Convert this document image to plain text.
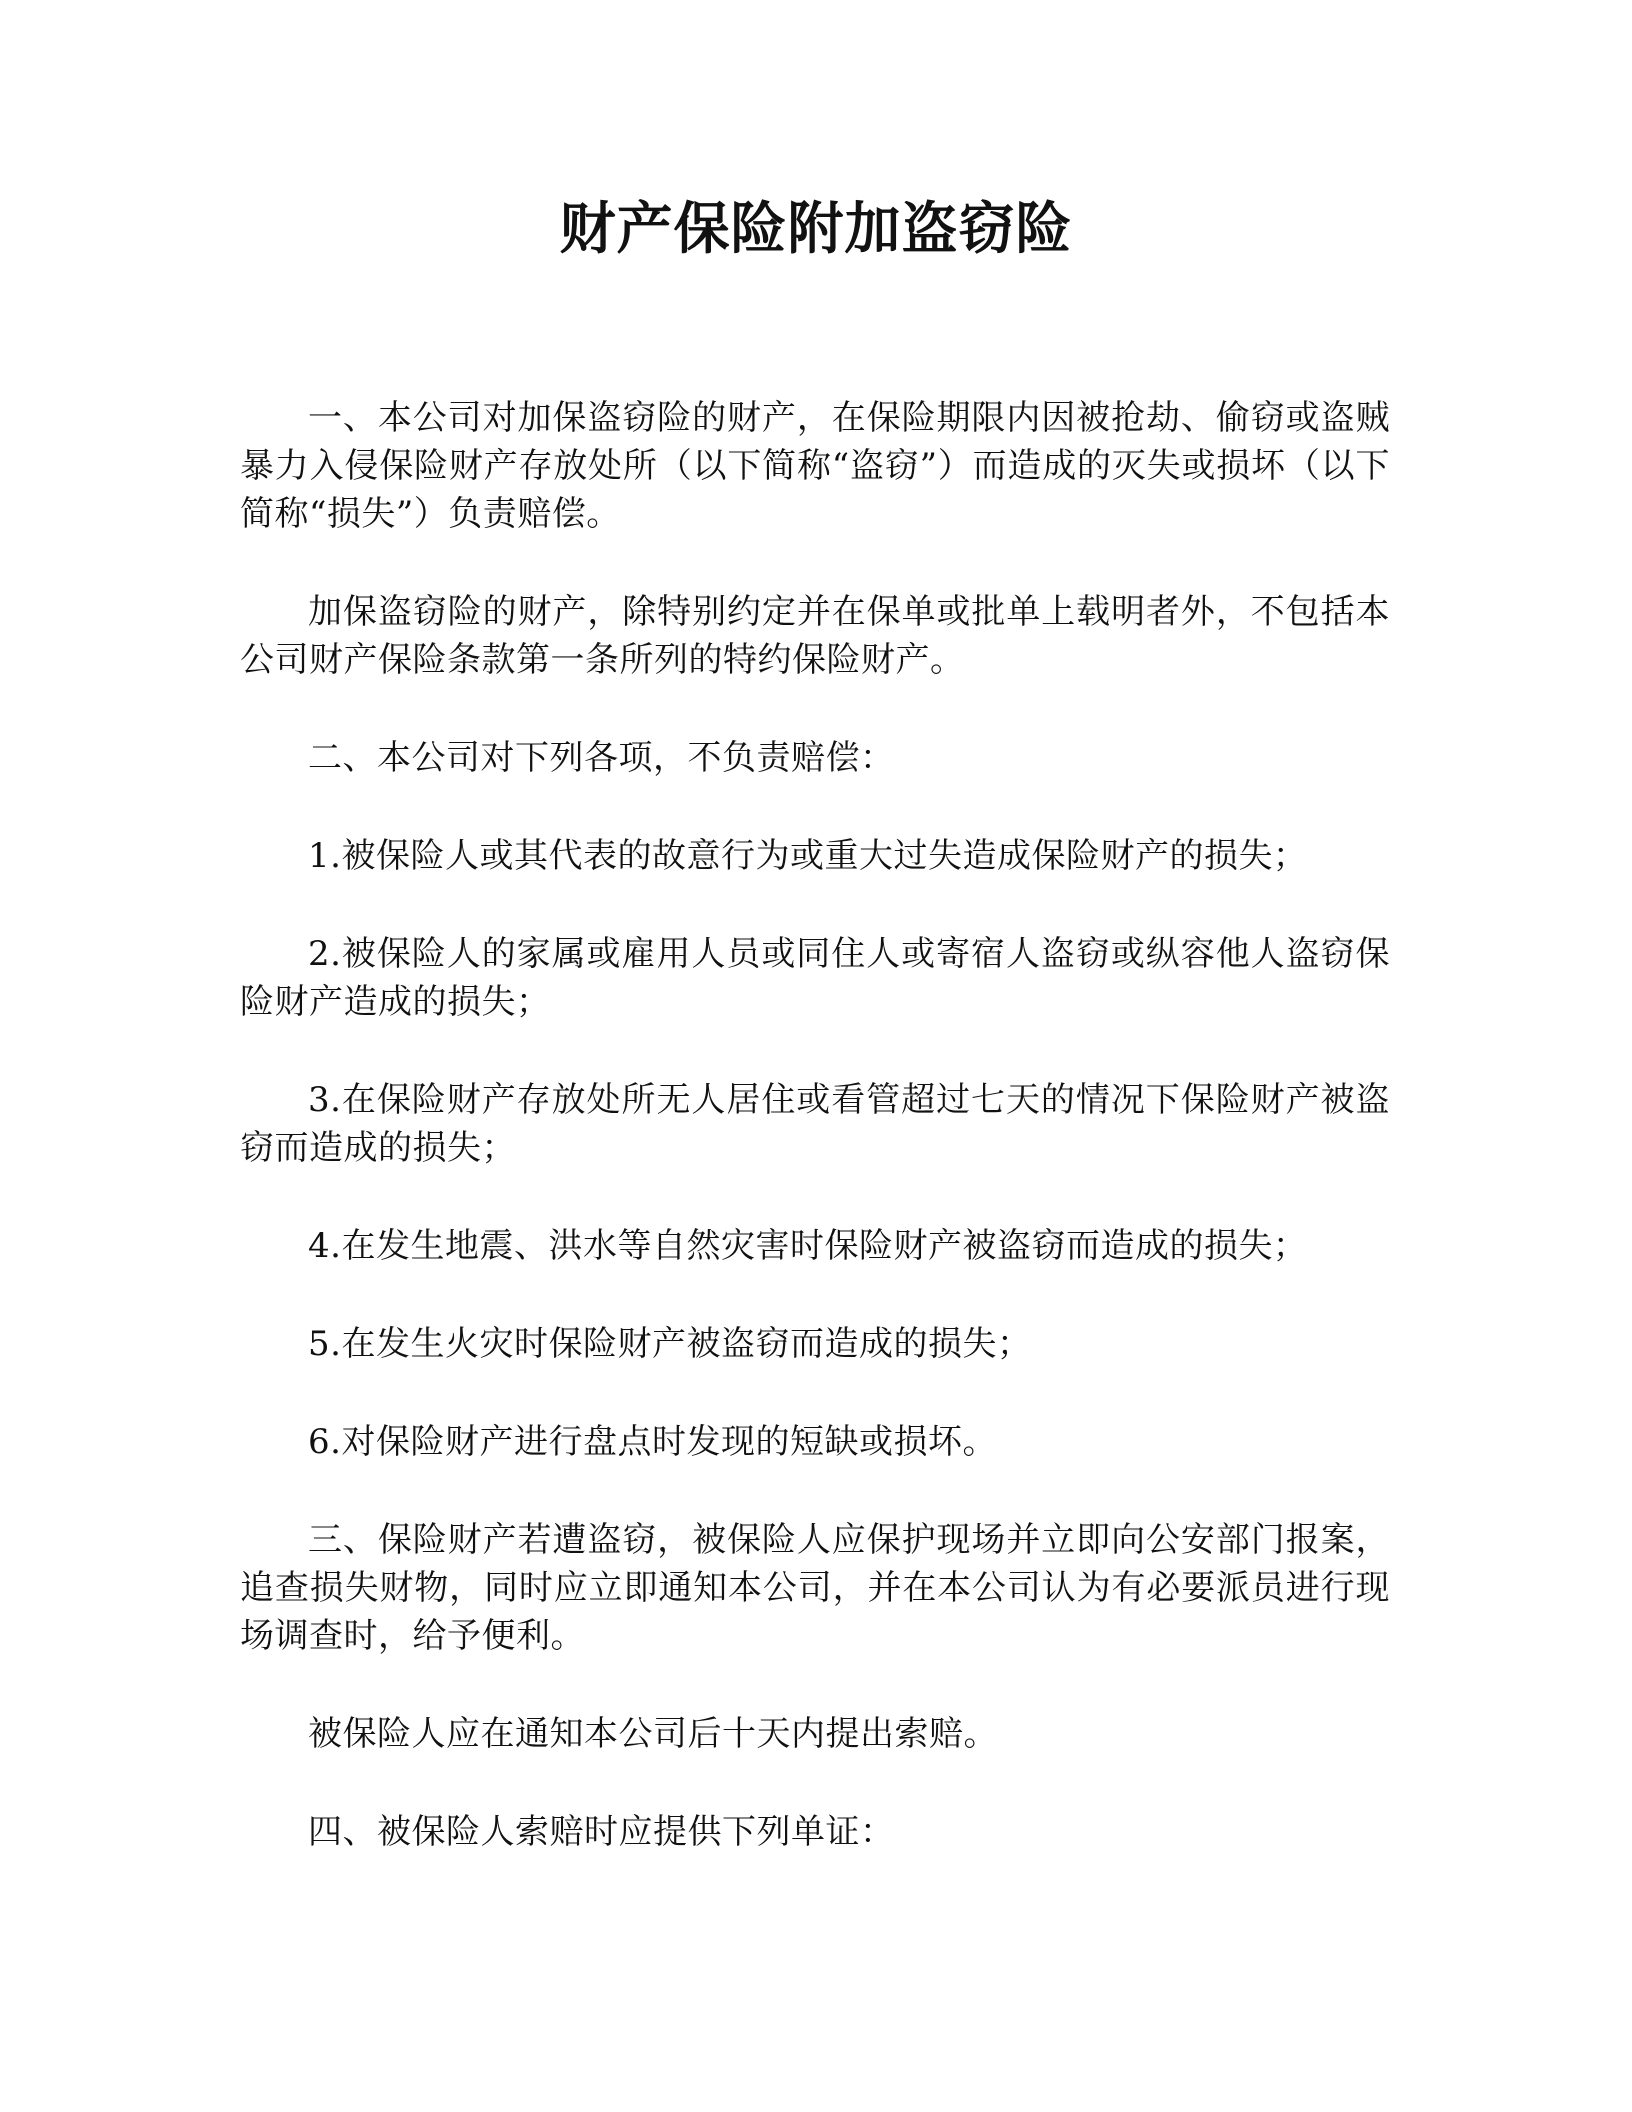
财产保险附加盗窃险

一、本公司对加保盗窃险的财产，在保险期限内因被抢劫、偷窃或盗贼暴力入侵保险财产存放处所（以下简称“盗窃”）而造成的灭失或损坏（以下简称“损失”）负责赔偿。

加保盗窃险的财产，除特别约定并在保单或批单上载明者外，不包括本公司财产保险条款第一条所列的特约保险财产。

二、本公司对下列各项，不负责赔偿：

1.被保险人或其代表的故意行为或重大过失造成保险财产的损失；

2.被保险人的家属或雇用人员或同住人或寄宿人盗窃或纵容他人盗窃保险财产造成的损失；

3.在保险财产存放处所无人居住或看管超过七天的情况下保险财产被盗窃而造成的损失；

4.在发生地震、洪水等自然灾害时保险财产被盗窃而造成的损失；

5.在发生火灾时保险财产被盗窃而造成的损失；

6.对保险财产进行盘点时发现的短缺或损坏。

三、保险财产若遭盗窃，被保险人应保护现场并立即向公安部门报案，追查损失财物，同时应立即通知本公司，并在本公司认为有必要派员进行现场调查时，给予便利。

被保险人应在通知本公司后十天内提出索赔。

四、被保险人索赔时应提供下列单证：
